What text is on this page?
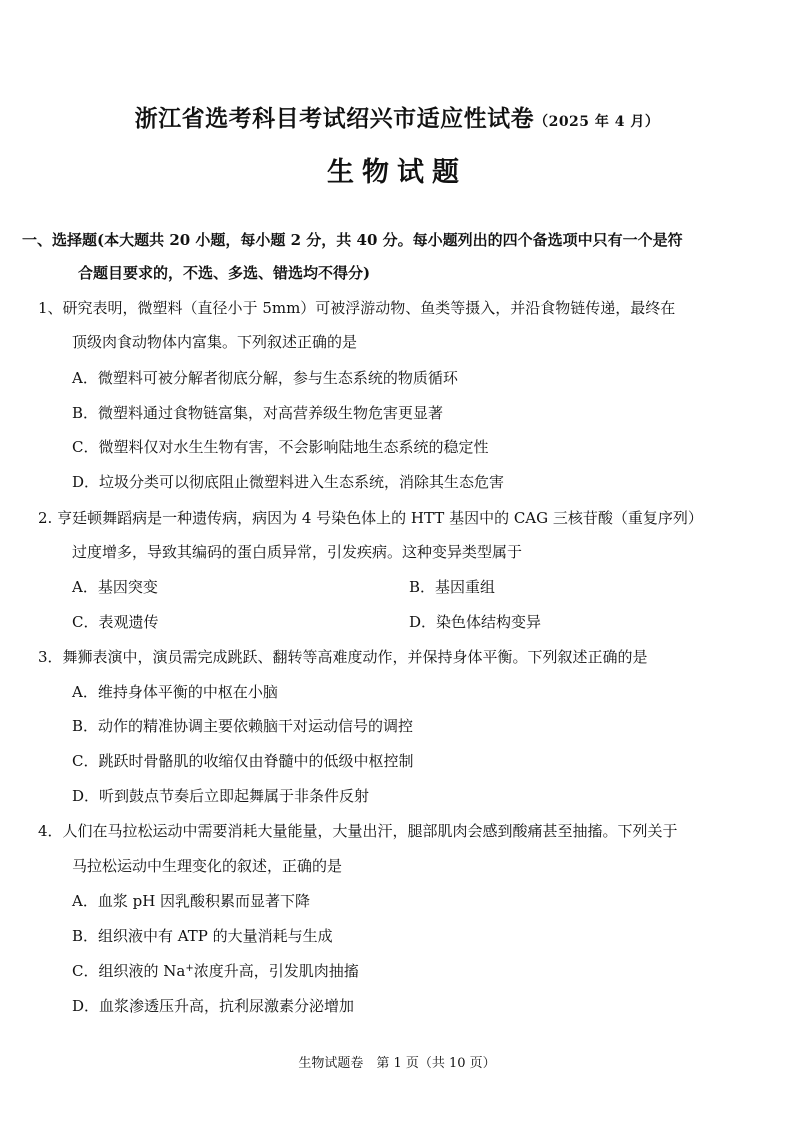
浙江省选考科目考试绍兴市适应性试卷（2025 年 4 月）
生物试题
一、选择题(本大题共 20 小题，每小题 2 分，共 40 分。每小题列出的四个备选项中只有一个是符
合题目要求的，不选、多选、错选均不得分)
1、研究表明，微塑料（直径小于 5mm）可被浮游动物、鱼类等摄入，并沿食物链传递，最终在
顶级肉食动物体内富集。下列叙述正确的是
A．微塑料可被分解者彻底分解，参与生态系统的物质循环
B．微塑料通过食物链富集，对高营养级生物危害更显著
C．微塑料仅对水生生物有害，不会影响陆地生态系统的稳定性
D．垃圾分类可以彻底阻止微塑料进入生态系统，消除其生态危害
2. 亨廷顿舞蹈病是一种遗传病，病因为 4 号染色体上的 HTT 基因中的 CAG 三核苷酸（重复序列）
过度增多，导致其编码的蛋白质异常，引发疾病。这种变异类型属于
A．基因突变	B．基因重组
C．表观遗传	D．染色体结构变异
3．舞狮表演中，演员需完成跳跃、翻转等高难度动作，并保持身体平衡。下列叙述正确的是
A．维持身体平衡的中枢在小脑
B．动作的精准协调主要依赖脑干对运动信号的调控
C．跳跃时骨骼肌的收缩仅由脊髓中的低级中枢控制
D．听到鼓点节奏后立即起舞属于非条件反射
4．人们在马拉松运动中需要消耗大量能量，大量出汗，腿部肌肉会感到酸痛甚至抽搐。下列关于
马拉松运动中生理变化的叙述，正确的是
A．血浆 pH 因乳酸积累而显著下降
B．组织液中有 ATP 的大量消耗与生成
C．组织液的 Na+浓度升高，引发肌肉抽搐
D．血浆渗透压升高，抗利尿激素分泌增加
生物试题卷　第 1 页（共 10 页）
